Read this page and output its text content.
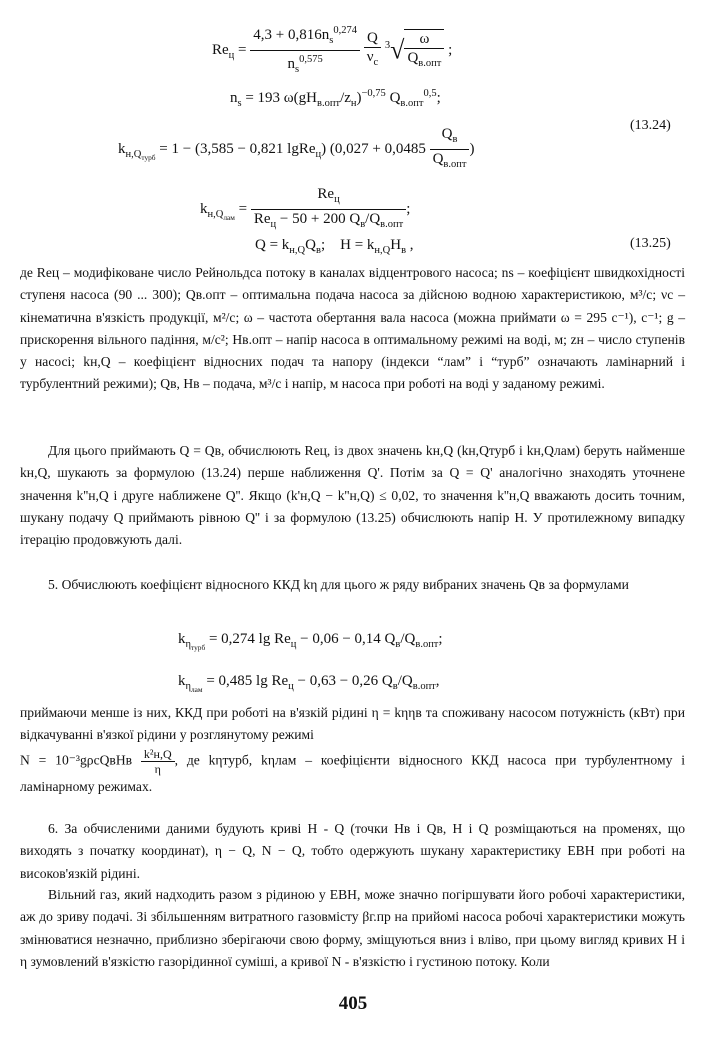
$Re_ц = \frac{4,3 + 0,816n_s^{0,274}}{n_s^{0,575}}$
$\frac{Q}{\nu_c} ^3√ \frac{\omega}{Q_{в.опт}}$ ;
$n_s = 193$ $\omega(gH_{в.опт}/z_н)^{-0,75}$ $Q_{в.опт}^{0,5}$;
$k_{н,Q_{турб}} = 1 - (3,585 - 0,821$ lgRe$_ц$) ($0,027 + 0,0485 \frac{Q_в}{Q_{в.опт}}$ )
(13.24)
$k_{н,Q_{лам}} = \frac{Re_ц}{Re_ц - 50 + 200 Q_в/Q_{в.опт}}$ ;
$Q = k_{н,Q}Q_в$;    $H = k_{н,Q}H_в$ ,	(13.25)

де Reц – модифіковане число Рейнольдса потоку в каналах відцентрового насоса; ns – коефіцієнт швидкохідності ступеня насоса (90 ... 300); Qв.опт – оптимальна подача насоса за дійсною водною характеристикою, м³/с; νc – кінематична в'язкість продукції, м²/с; ω – частота обертання вала насоса (можна приймати ω = 295 с⁻¹), с⁻¹; g – прискорення вільного падіння, м/с²; Hв.опт – напір насоса в оптимальному режимі на воді, м; zн – число ступенів у насосі; kн,Q – коефіцієнт відносних подач та напору (індекси “лам” і “турб” означають ламінарний і турбулентний режими); Qв, Hв – подача, м³/с і напір, м насоса при роботі на воді у заданому режимі.

Для цього приймають Q = Qв, обчислюють Reц, із двох значень kн,Q (kн,Qтурб і kн,Qлам) беруть найменше kн,Q, шукають за формулою (13.24) перше наближення Q'. Потім за Q = Q' аналогічно знаходять уточнене значення k''н,Q і друге наближене Q''. Якщо (k'н,Q − k''н,Q) ≤ 0,02, то значення k''н,Q вважають досить точним, шукану подачу Q приймають рівною Q'' і за формулою (13.25) обчислюють напір H. У протилежному випадку ітерацію продовжують далі.

5. Обчислюють коефіцієнт відносного ККД kη для цього ж ряду вибраних значень Qв за формулами

$k_{\eta_{турб}} = 0,274$ $\lg Re_ц - 0,06 - 0,14$ $Q_в/Q_{в.опт}$;
$k_{\eta_{лам}} = 0,485$ $\lg Re_ц - 0,63 - 0,26$ $Q_в/Q_{в.опт}$,

приймаючи менше із них, ККД при роботі на в'язкій рідині η = kηηв та споживану насосом потужність (кВт) при відкачуванні в'язкої рідини у розглянутому режимі

N = 10⁻³gρcQвHв $\frac{\text{k²н,Q}}{\eta}$ , де kηтурб, kηлам – коефіцієнти відносного ККД насоса при турбулентному і ламінарному режимах.

6. За обчисленими даними будують криві H - Q (точки Hв і Qв, H і Q розміщаються на променях, що виходять з початку координат), η − Q, N − Q, тобто одержують шукану характеристику ЕВН при роботі на високов'язкій рідині.

Вільний газ, який надходить разом з рідиною у ЕВН, може значно погіршувати його робочі характеристики, аж до зриву подачі. Зі збільшенням витратного газовмісту βг.пр на прийомі насоса робочі характеристики можуть змінюватися незначно, приблизно зберігаючи свою форму, зміщуються вниз і вліво, при цьому вигляд кривих H і η зумовлений в'язкістю газорідинної суміші, а кривої N - в'язкістю і густиною потоку. Коли

405
